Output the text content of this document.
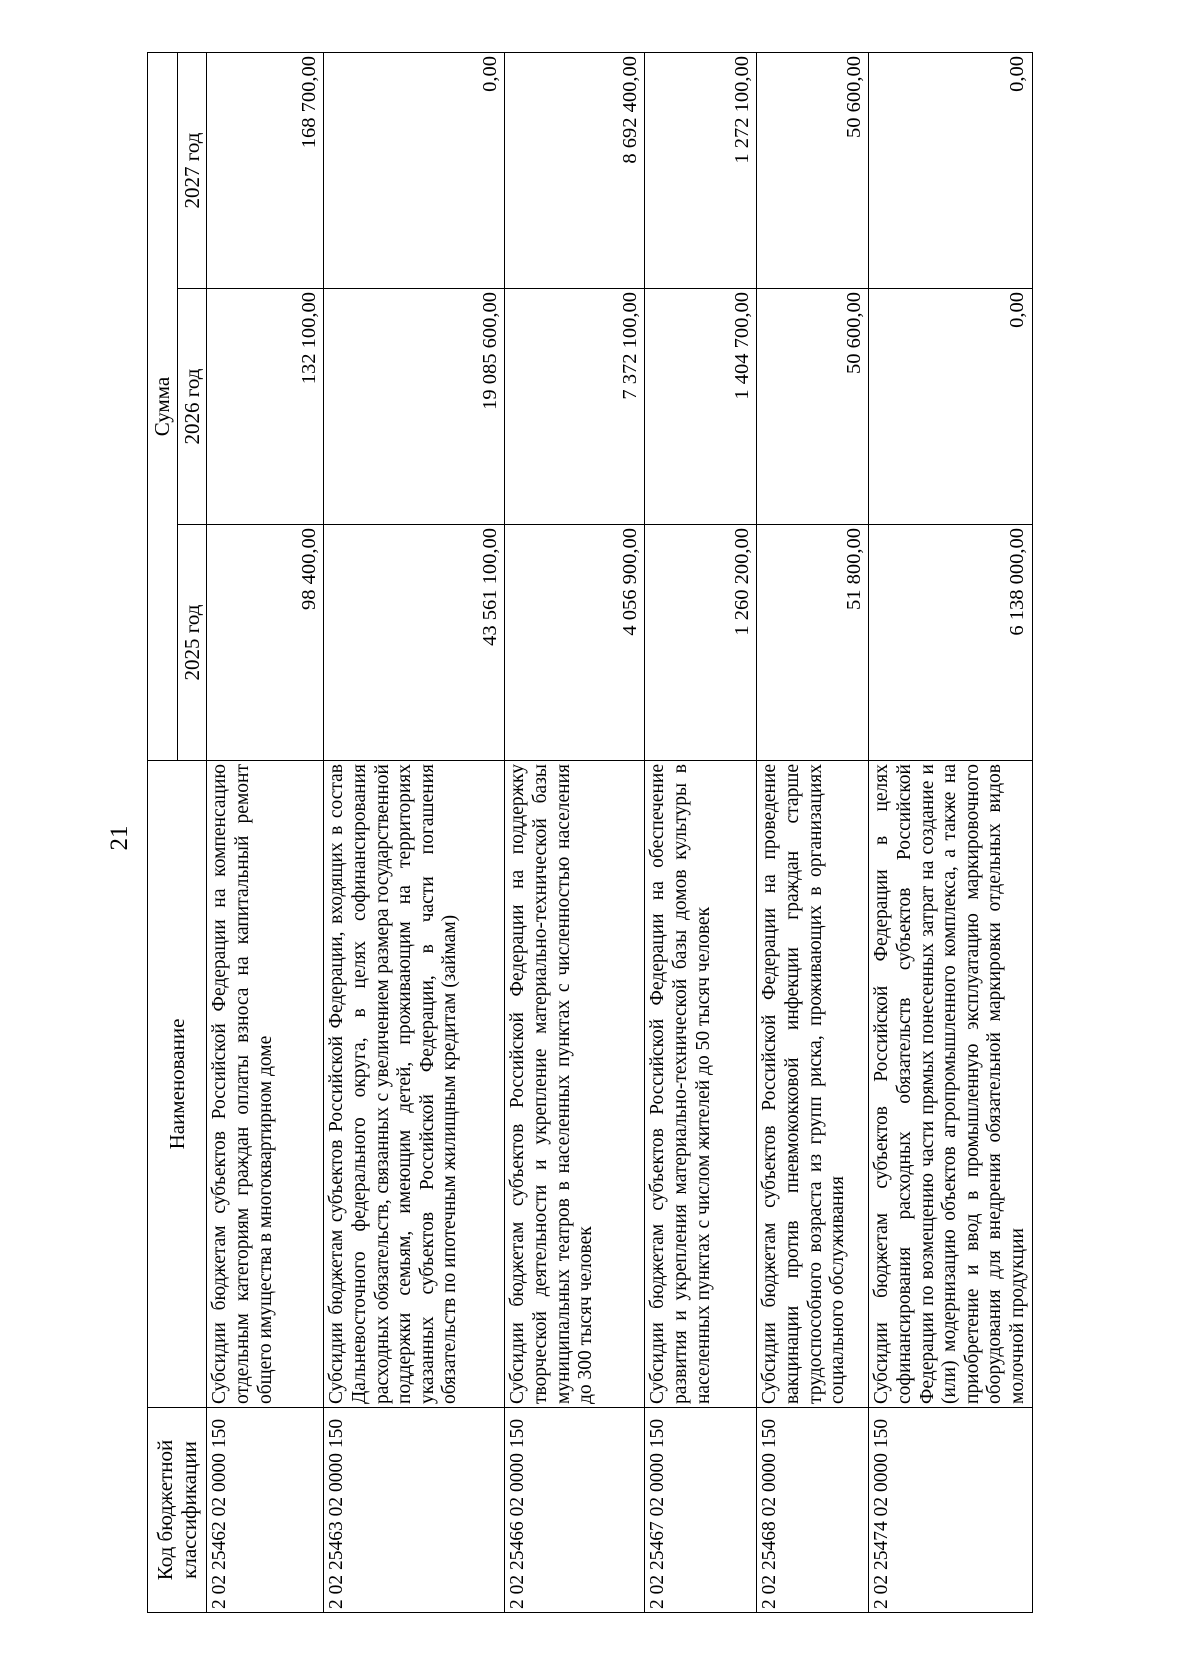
21
Код бюджетной классификации	Наименование	Сумма		
		2025 год	2026 год	2027 год
2 02 25462 02 0000 150	Субсидии бюджетам субъектов Российской Федерации на компенсацию отдельным категориям граждан оплаты взноса на капитальный ремонт общего имущества в многоквартирном доме	98 400,00	132 100,00	168 700,00
2 02 25463 02 0000 150	Субсидии бюджетам субъектов Российской Федерации, входящих в состав Дальневосточного федерального округа, в целях софинансирования расходных обязательств, связанных с увеличением размера государственной поддержки семьям, имеющим детей, проживающим на территориях указанных субъектов Российской Федерации, в части погашения обязательств по ипотечным жилищным кредитам (займам)	43 561 100,00	19 085 600,00	0,00
2 02 25466 02 0000 150	Субсидии бюджетам субъектов Российской Федерации на поддержку творческой деятельности и укрепление материально-технической базы муниципальных театров в населенных пунктах с численностью населения до 300 тысяч человек	4 056 900,00	7 372 100,00	8 692 400,00
2 02 25467 02 0000 150	Субсидии бюджетам субъектов Российской Федерации на обеспечение развития и укрепления материально-технической базы домов культуры в населенных пунктах с числом жителей до 50 тысяч человек	1 260 200,00	1 404 700,00	1 272 100,00
2 02 25468 02 0000 150	Субсидии бюджетам субъектов Российской Федерации на проведение вакцинации против пневмококковой инфекции граждан старше трудоспособного возраста из групп риска, проживающих в организациях социального обслуживания	51 800,00	50 600,00	50 600,00
2 02 25474 02 0000 150	Субсидии бюджетам субъектов Российской Федерации в целях софинансирования расходных обязательств субъектов Российской Федерации по возмещению части прямых понесенных затрат на создание и (или) модернизацию объектов агропромышленного комплекса, а также на приобретение и ввод в промышленную эксплуатацию маркировочного оборудования для внедрения обязательной маркировки отдельных видов молочной продукции	6 138 000,00	0,00	0,00
